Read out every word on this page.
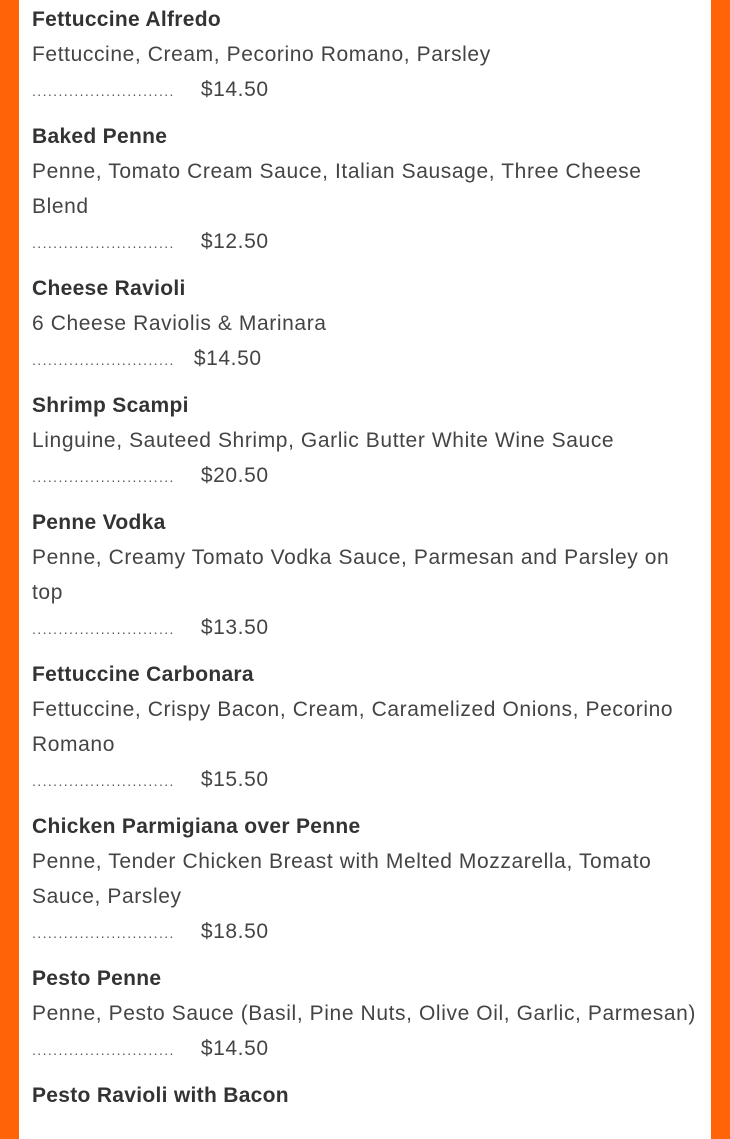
Fettuccine Alfredo
Fettuccine, Cream, Pecorino Romano, Parsley
........................... $14.50
Baked Penne
Penne, Tomato Cream Sauce, Italian Sausage, Three Cheese Blend
........................... $12.50
Cheese Ravioli
6 Cheese Raviolis & Marinara
........................... $14.50
Shrimp Scampi
Linguine, Sauteed Shrimp, Garlic Butter White Wine Sauce
........................... $20.50
Penne Vodka
Penne, Creamy Tomato Vodka Sauce, Parmesan and Parsley on top
........................... $13.50
Fettuccine Carbonara
Fettuccine, Crispy Bacon, Cream, Caramelized Onions, Pecorino Romano
........................... $15.50
Chicken Parmigiana over Penne
Penne, Tender Chicken Breast with Melted Mozzarella, Tomato Sauce, Parsley
........................... $18.50
Pesto Penne
Penne, Pesto Sauce (Basil, Pine Nuts, Olive Oil, Garlic, Parmesan)
........................... $14.50
Pesto Ravioli with Bacon
